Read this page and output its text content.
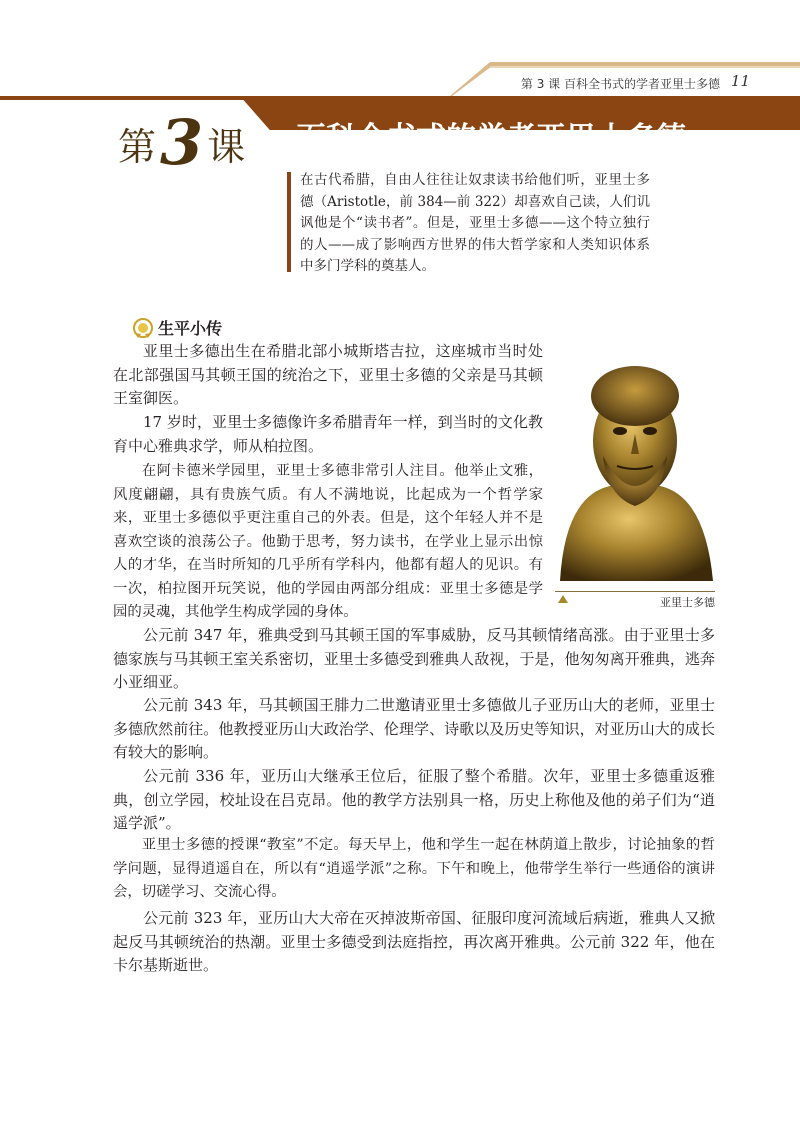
第 3 课 百科全书式的学者亚里士多德 11
第 3 课 百科全书式的学者亚里士多德
在古代希腊，自由人往往让奴隶读书给他们听，亚里士多德（Aristotle，前 384—前 322）却喜欢自己读，人们讥讽他是个“读书者”。但是，亚里士多德——这个特立独行的人——成了影响西方世界的伟大哲学家和人类知识体系中多门学科的奠基人。
生平小传

亚里士多德出生在希腊北部小城斯塔吉拉，这座城市当时处在北部强国马其顿王国的统治之下，亚里士多德的父亲是马其顿王室御医。

17 岁时，亚里士多德像许多希腊青年一样，到当时的文化教育中心雅典求学，师从柏拉图。

在阿卡德米学园里，亚里士多德非常引人注目。他举止文雅，风度翩翩，具有贵族气质。有人不满地说，比起成为一个哲学家来，亚里士多德似乎更注重自己的外表。但是，这个年轻人并不是喜欢空谈的浪荡公子。他勤于思考，努力读书，在学业上显示出惊人的才华，在当时所知的几乎所有学科内，他都有超人的见识。有一次，柏拉图开玩笑说，他的学园由两部分组成：亚里士多德是学园的灵魂，其他学生构成学园的身体。

亚里士多德

公元前 347 年，雅典受到马其顿王国的军事威胁，反马其顿情绪高涨。由于亚里士多德家族与马其顿王室关系密切，亚里士多德受到雅典人敌视，于是，他匆匆离开雅典，逃奔小亚细亚。

公元前 343 年，马其顿国王腓力二世邀请亚里士多德做儿子亚历山大的老师，亚里士多德欣然前往。他教授亚历山大政治学、伦理学、诗歌以及历史等知识，对亚历山大的成长有较大的影响。

公元前 336 年，亚历山大继承王位后，征服了整个希腊。次年，亚里士多德重返雅典，创立学园，校址设在吕克昂。他的教学方法别具一格，历史上称他及他的弟子们为“逍遥学派”。

亚里士多德的授课“教室”不定。每天早上，他和学生一起在林荫道上散步，讨论抽象的哲学问题，显得逍遥自在，所以有“逍遥学派”之称。下午和晚上，他带学生举行一些通俗的演讲会，切磋学习、交流心得。

公元前 323 年，亚历山大大帝在灭掉波斯帝国、征服印度河流域后病逝，雅典人又掀起反马其顿统治的热潮。亚里士多德受到法庭指控，再次离开雅典。公元前 322 年，他在卡尔基斯逝世。
